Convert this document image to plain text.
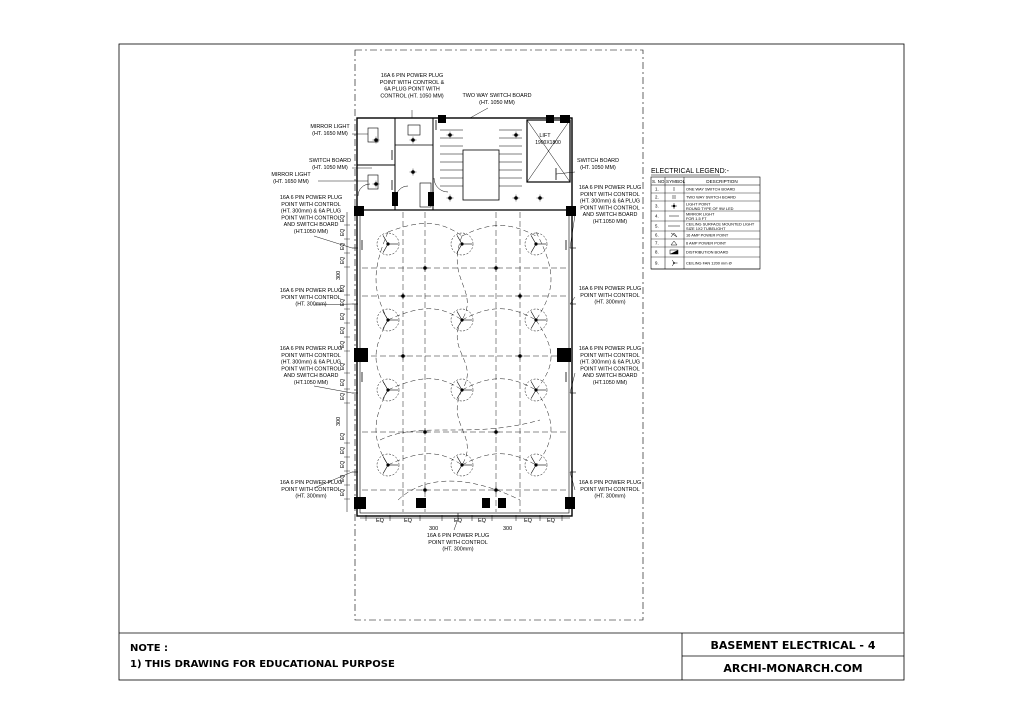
EQ
EQ
EQ
EQ
EQ
EQ
EQ
EQ
EQ
EQ
EQ
EQ
EQ
EQ
EQ
EQ
EQ
EQ	EQ	EQ	EQ	EQ	EQ
300	300
300
300
LIFT
1900X1800
16A 6 PIN POWER PLUG
POINT WITH CONTROL &
6A PLUG POINT WITH
CONTROL (HT. 1050 MM)	TWO WAY SWITCH BOARD
(HT. 1050 MM)
MIRROR LIGHT
(HT. 1650 MM)
SWITCH BOARD
(HT. 1050 MM)
MIRROR LIGHT
(HT. 1650 MM)
16A 6 PIN POWER PLUG
POINT WITH CONTROL
(HT. 300mm) & 6A PLUG
POINT WITH CONTROL
AND SWITCH BOARD
(HT.1050 MM)
16A 6 PIN POWER PLUG
POINT WITH CONTROL
(HT. 300mm)
16A 6 PIN POWER PLUG
POINT WITH CONTROL
(HT. 300mm) & 6A PLUG
POINT WITH CONTROL
AND SWITCH BOARD
(HT.1050 MM)
16A 6 PIN POWER PLUG
POINT WITH CONTROL
(HT. 300mm)
SWITCH BOARD
(HT. 1050 MM)
16A 6 PIN POWER PLUG
POINT WITH CONTROL
(HT. 300mm) & 6A PLUG
POINT WITH CONTROL
AND SWITCH BOARD
(HT.1050 MM)
16A 6 PIN POWER PLUG
POINT WITH CONTROL
(HT. 300mm)
16A 6 PIN POWER PLUG
POINT WITH CONTROL
(HT. 300mm) & 6A PLUG
POINT WITH CONTROL
AND SWITCH BOARD
(HT.1050 MM)
16A 6 PIN POWER PLUG
POINT WITH CONTROL
(HT. 300mm)
16A 6 PIN POWER PLUG
POINT WITH CONTROL
(HT. 300mm)
ELECTRICAL LEGEND:-
S. NO. SYMBOL	DESCRIPTION
1.	ONE WAY SWITCH BOARD
2.	TWO WAY SWITCH BOARD
3.	LIGHT POINT
ROUND TYPE OF 9W LED
4.	MIRROR LIGHT
FOR 1.5 FT
5.	CEILING SURFACE MOUNTED LIGHT
SIZE 1X2 TUBELIGHT
6.	16 AMP POWER POINT
7.	6 AMP POWER POINT
8.	DISTRIBUTION BOARD
9.	CEILING FAN 1200 mm Ø
NOTE :
1) THIS DRAWING FOR EDUCATIONAL PURPOSE
BASEMENT ELECTRICAL - 4
ARCHI-MONARCH.COM
